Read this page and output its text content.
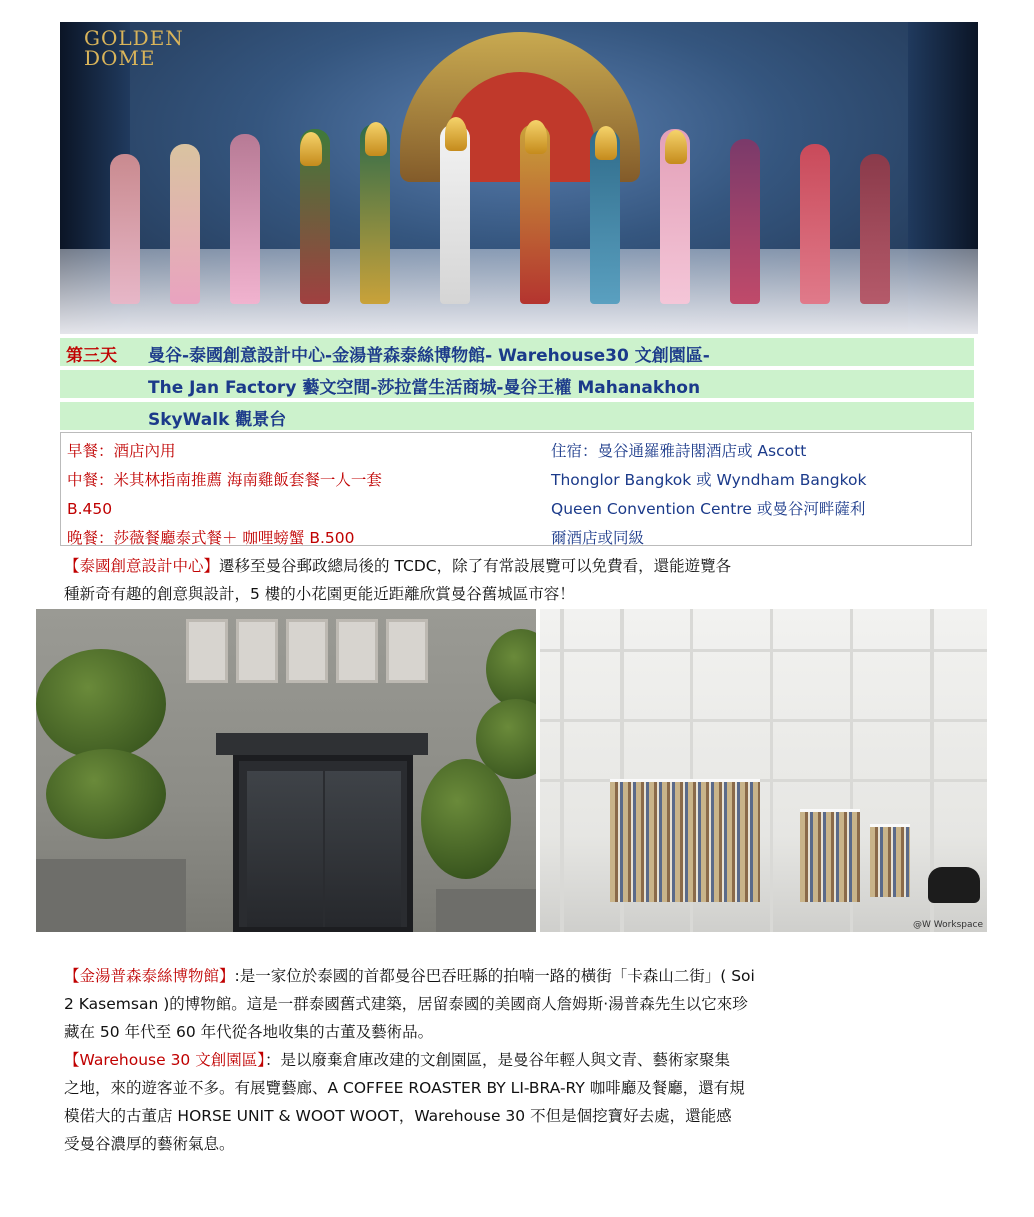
GOLDEN
DOME
第三天 曼谷-泰國創意設計中心-金湯普森泰絲博物館- Warehouse30 文創園區-
The Jan Factory 藝文空間-莎拉當生活商城-曼谷王權 Mahanakhon
SkyWalk 觀景台
早餐：酒店內用
中餐：米其林指南推薦 海南雞飯套餐一人一套
B.450
晚餐：莎薇餐廳泰式餐＋ 咖哩螃蟹 B.500
住宿：曼谷通羅雅詩閣酒店或 Ascott
Thonglor Bangkok 或 Wyndham Bangkok
Queen Convention Centre 或曼谷河畔薩利
爾酒店或同級
【泰國創意設計中心】遷移至曼谷郵政總局後的 TCDC，除了有常設展覽可以免費看，還能遊覽各
種新奇有趣的創意與設計，5 樓的小花園更能近距離欣賞曼谷舊城區市容！
@W Workspace
【金湯普森泰絲博物館】:是一家位於泰國的首都曼谷巴吞旺縣的拍喃一路的橫街「卡森山二街」( Soi
2 Kasemsan )的博物館。這是一群泰國舊式建築，居留泰國的美國商人詹姆斯·湯普森先生以它來珍
藏在 50 年代至 60 年代從各地收集的古董及藝術品。
【Warehouse 30 文創園區】：是以廢棄倉庫改建的文創園區，是曼谷年輕人與文青、藝術家聚集
之地，來的遊客並不多。有展覽藝廊、A COFFEE ROASTER BY LI-BRA-RY 咖啡廳及餐廳，還有規
模偌大的古董店 HORSE UNIT & WOOT WOOT，Warehouse 30 不但是個挖寶好去處，還能感
受曼谷濃厚的藝術氣息。
